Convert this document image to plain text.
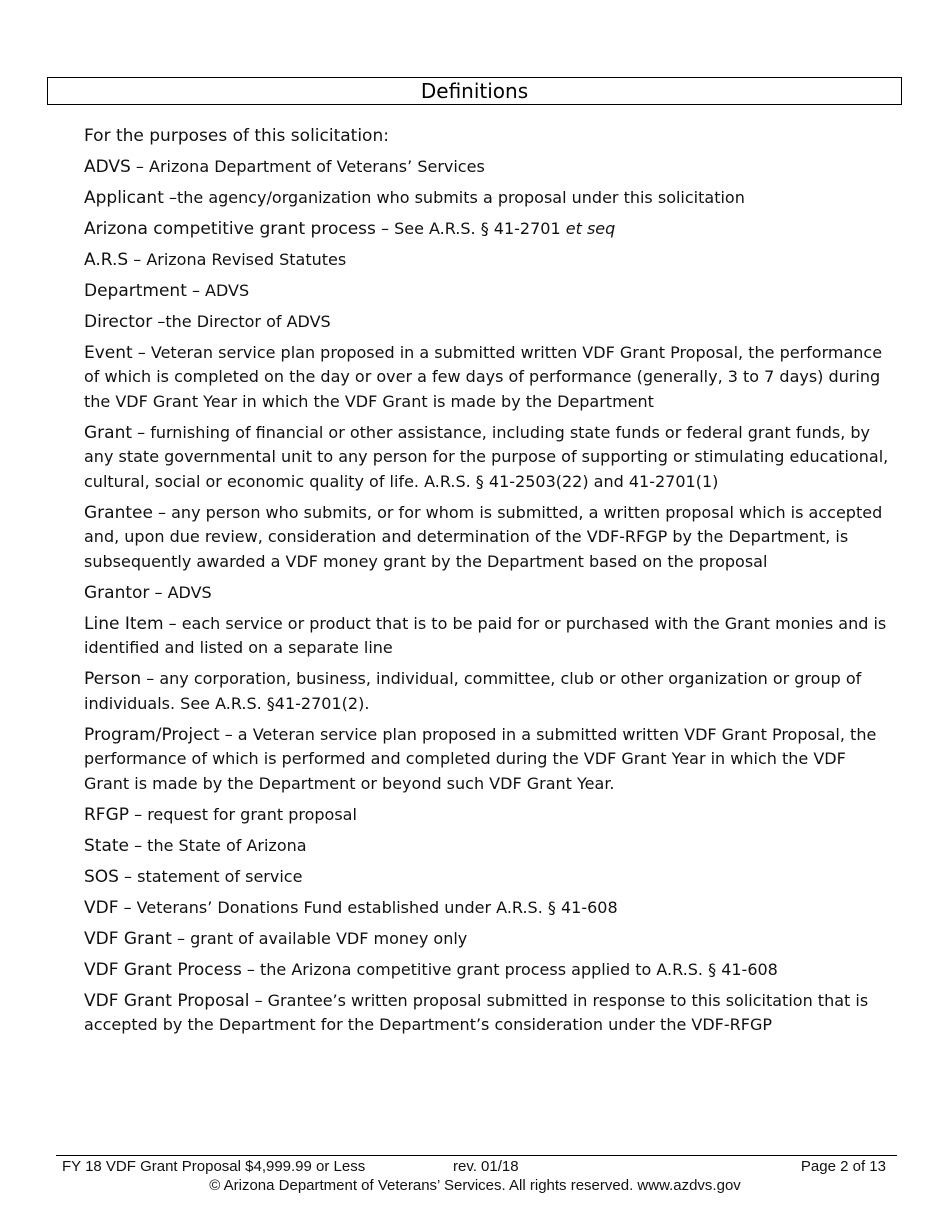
Definitions

For the purposes of this solicitation:

ADVS – Arizona Department of Veterans’ Services

Applicant –the agency/organization who submits a proposal under this solicitation

Arizona competitive grant process – See A.R.S. § 41-2701 et seq

A.R.S – Arizona Revised Statutes

Department – ADVS

Director –the Director of ADVS

Event – Veteran service plan proposed in a submitted written VDF Grant Proposal, the performance of which is completed on the day or over a few days of performance (generally, 3 to 7 days) during the VDF Grant Year in which the VDF Grant is made by the Department

Grant – furnishing of financial or other assistance, including state funds or federal grant funds, by any state governmental unit to any person for the purpose of supporting or stimulating educational, cultural, social or economic quality of life. A.R.S. § 41-2503(22) and 41-2701(1)

Grantee – any person who submits, or for whom is submitted, a written proposal which is accepted and, upon due review, consideration and determination of the VDF-RFGP by the Department, is subsequently awarded a VDF money grant by the Department based on the proposal

Grantor – ADVS

Line Item – each service or product that is to be paid for or purchased with the Grant monies and is identified and listed on a separate line

Person – any corporation, business, individual, committee, club or other organization or group of individuals. See A.R.S. §41-2701(2).

Program/Project – a Veteran service plan proposed in a submitted written VDF Grant Proposal, the performance of which is performed and completed during the VDF Grant Year in which the VDF Grant is made by the Department or beyond such VDF Grant Year.

RFGP – request for grant proposal

State – the State of Arizona

SOS – statement of service

VDF – Veterans’ Donations Fund established under A.R.S. § 41-608

VDF Grant – grant of available VDF money only

VDF Grant Process – the Arizona competitive grant process applied to A.R.S. § 41-608

VDF Grant Proposal – Grantee’s written proposal submitted in response to this solicitation that is accepted by the Department for the Department’s consideration under the VDF-RFGP

FY 18 VDF Grant Proposal $4,999.99 or Less	rev. 01/18	Page 2 of 13
© Arizona Department of Veterans’ Services. All rights reserved. www.azdvs.gov
